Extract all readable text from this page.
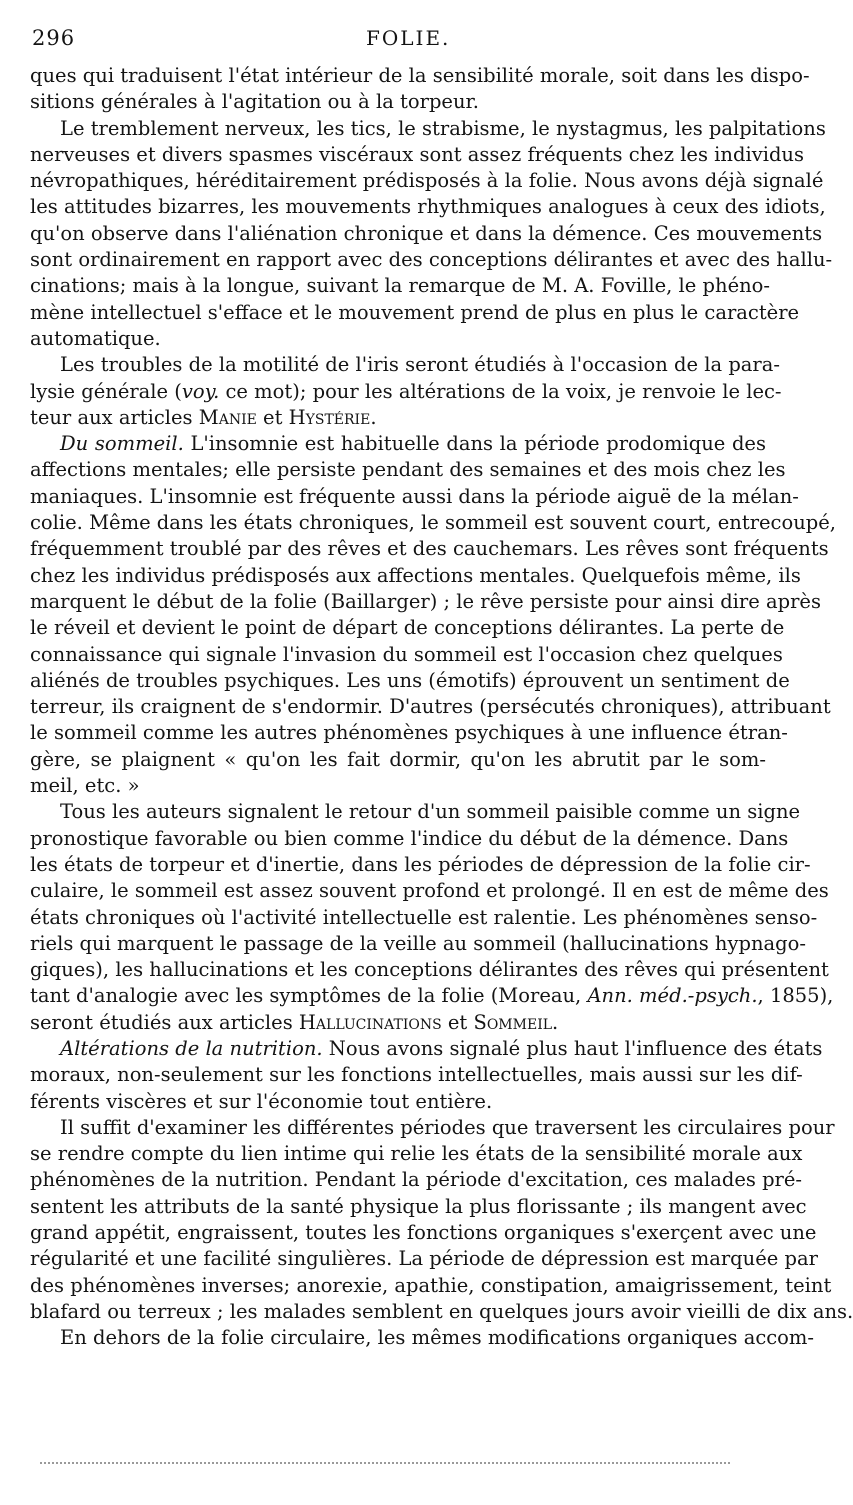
296	FOLIE.

ques qui traduisent l'état intérieur de la sensibilité morale, soit dans les dispo-

sitions générales à l'agitation ou à la torpeur.

Le tremblement nerveux, les tics, le strabisme, le nystagmus, les palpitations

nerveuses et divers spasmes viscéraux sont assez fréquents chez les individus

névropathiques, héréditairement prédisposés à la folie. Nous avons déjà signalé

les attitudes bizarres, les mouvements rhythmiques analogues à ceux des idiots,

qu'on observe dans l'aliénation chronique et dans la démence. Ces mouvements

sont ordinairement en rapport avec des conceptions délirantes et avec des hallu-

cinations; mais à la longue, suivant la remarque de M. A. Foville, le phéno-

mène intellectuel s'efface et le mouvement prend de plus en plus le caractère

automatique.

Les troubles de la motilité de l'iris seront étudiés à l'occasion de la para-

lysie générale (voy. ce mot); pour les altérations de la voix, je renvoie le lec-

teur aux articles Manie et Hystérie.

Du sommeil. L'insomnie est habituelle dans la période prodomique des

affections mentales; elle persiste pendant des semaines et des mois chez les

maniaques. L'insomnie est fréquente aussi dans la période aiguë de la mélan-

colie. Même dans les états chroniques, le sommeil est souvent court, entrecoupé,

fréquemment troublé par des rêves et des cauchemars. Les rêves sont fréquents

chez les individus prédisposés aux affections mentales. Quelquefois même, ils

marquent le début de la folie (Baillarger) ; le rêve persiste pour ainsi dire après

le réveil et devient le point de départ de conceptions délirantes. La perte de

connaissance qui signale l'invasion du sommeil est l'occasion chez quelques

aliénés de troubles psychiques. Les uns (émotifs) éprouvent un sentiment de

terreur, ils craignent de s'endormir. D'autres (persécutés chroniques), attribuant

le sommeil comme les autres phénomènes psychiques à une influence étran-

gère, se plaignent « qu'on les fait dormir, qu'on les abrutit par le som-

meil, etc. »

Tous les auteurs signalent le retour d'un sommeil paisible comme un signe

pronostique favorable ou bien comme l'indice du début de la démence. Dans

les états de torpeur et d'inertie, dans les périodes de dépression de la folie cir-

culaire, le sommeil est assez souvent profond et prolongé. Il en est de même des

états chroniques où l'activité intellectuelle est ralentie. Les phénomènes senso-

riels qui marquent le passage de la veille au sommeil (hallucinations hypnago-

giques), les hallucinations et les conceptions délirantes des rêves qui présentent

tant d'analogie avec les symptômes de la folie (Moreau, Ann. méd.-psych., 1855),

seront étudiés aux articles Hallucinations et Sommeil.

Altérations de la nutrition. Nous avons signalé plus haut l'influence des états

moraux, non-seulement sur les fonctions intellectuelles, mais aussi sur les dif-

férents viscères et sur l'économie tout entière.

Il suffit d'examiner les différentes périodes que traversent les circulaires pour

se rendre compte du lien intime qui relie les états de la sensibilité morale aux

phénomènes de la nutrition. Pendant la période d'excitation, ces malades pré-

sentent les attributs de la santé physique la plus florissante ; ils mangent avec

grand appétit, engraissent, toutes les fonctions organiques s'exerçent avec une

régularité et une facilité singulières. La période de dépression est marquée par

des phénomènes inverses; anorexie, apathie, constipation, amaigrissement, teint

blafard ou terreux ; les malades semblent en quelques jours avoir vieilli de dix ans.

En dehors de la folie circulaire, les mêmes modifications organiques accom-
